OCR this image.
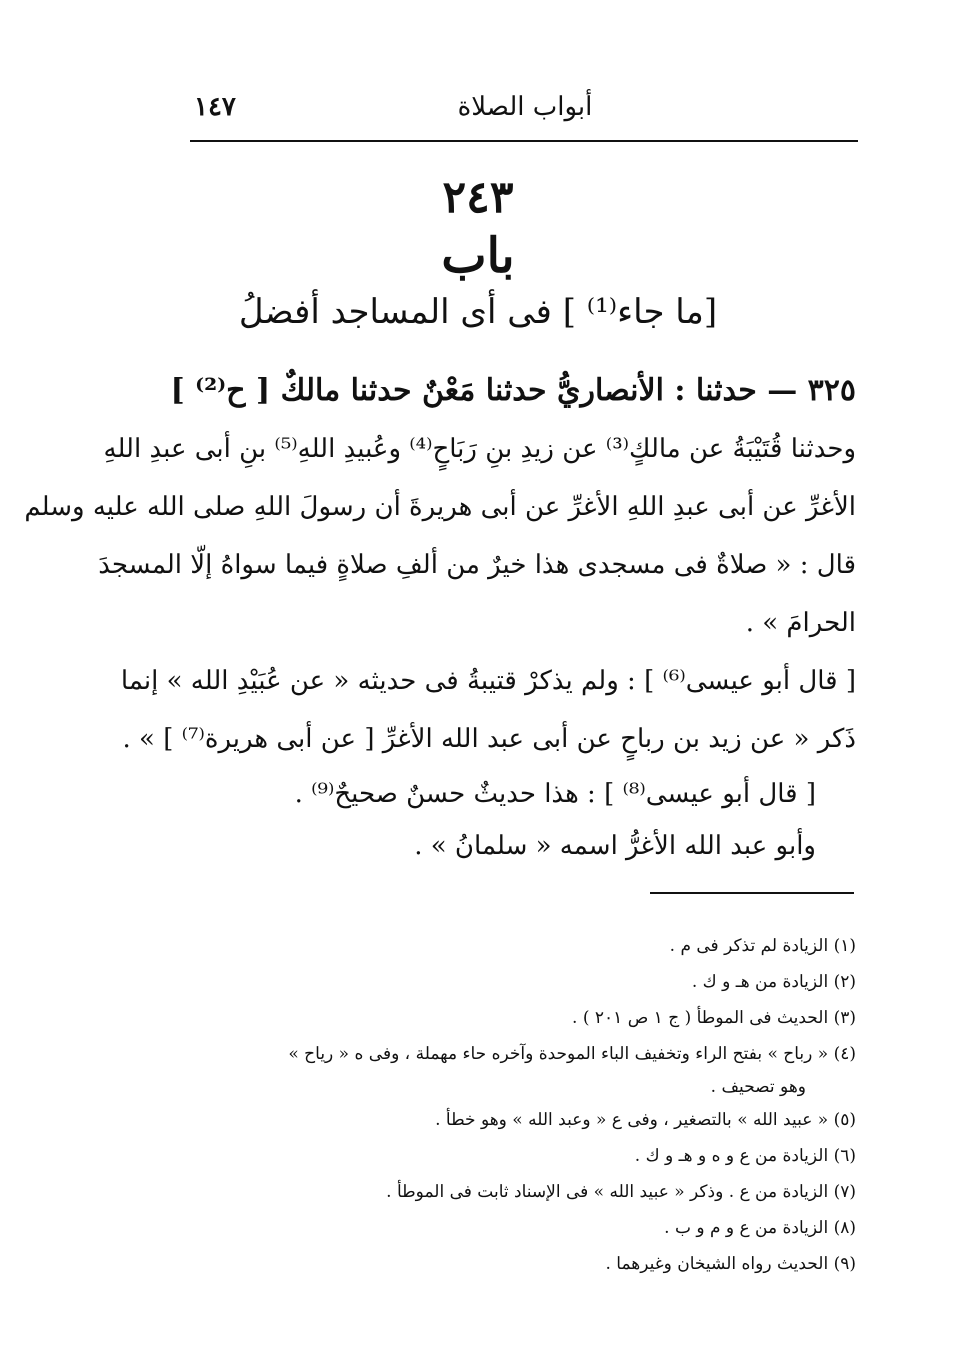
١٤٧	أبواب الصلاة
٢٤٣
باب
[ما جاء⁽¹⁾ ] فى أى المساجد أفضلُ
٣٢٥ — حدثنا : الأنصاريُّ حدثنا مَعْنٌ حدثنا مالكٌ [ ح⁽²⁾ ]
وحدثنا قُتَيْبَةُ عن مالكٍ⁽³⁾ عن زيدِ بنِ رَبَاحٍ⁽⁴⁾ وعُبيدِ اللهِ⁽⁵⁾ بنِ أبى عبدِ اللهِ
الأغرِّ عن أبى عبدِ اللهِ الأغرِّ عن أبى هريرةَ أن رسولَ اللهِ صلى الله عليه وسلم
قال : « صلاةٌ فى مسجدى هذا خيرٌ من ألفِ صلاةٍ فيما سواهُ إلّا المسجدَ
الحرامَ » .
[ قال أبو عيسى⁽⁶⁾ ] : ولم يذكرْ قتيبةُ فى حديثه « عن عُبَيْدِ الله » إنما
ذَكر « عن زيد بن رباحٍ عن أبى عبد الله الأغرِّ [ عن أبى هريرة⁽⁷⁾ ] » .
[ قال أبو عيسى⁽⁸⁾ ] : هذا حديثٌ حسنٌ صحيحٌ⁽⁹⁾ .
وأبو عبد الله الأغرُّ اسمه « سلمانُ » .
(١) الزيادة لم تذكر فى م .
(٢) الزيادة من هـ و ك .
(٣) الحديث فى الموطأ ( ج ١ ص ٢٠١ ) .
(٤) « رباح » بفتح الراء وتخفيف الباء الموحدة وآخره حاء مهملة ، وفى ه « رياح »
وهو تصحيف .
(٥) « عبيد الله » بالتصغير ، وفى ع « وعبد الله » وهو خطأ .
(٦) الزيادة من ع و ه و هـ و ك .
(٧) الزيادة من ع . وذكر « عبيد الله » فى الإسناد ثابت فى الموطأ .
(٨) الزيادة من ع و م و ب .
(٩) الحديث رواه الشيخان وغيرهما .
